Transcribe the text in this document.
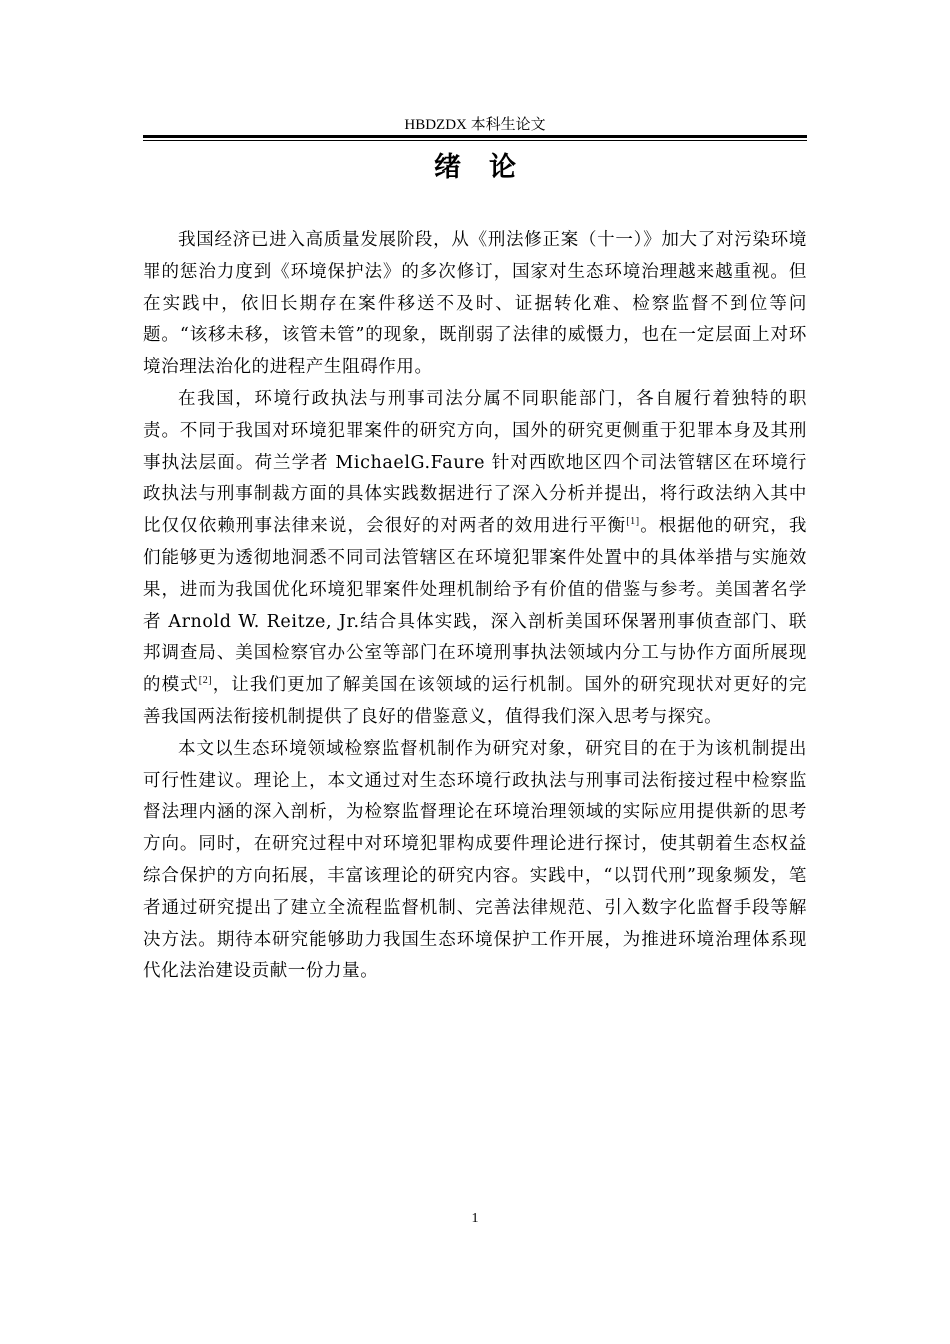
HBDZDX 本科生论文
绪论

我国经济已进入高质量发展阶段，从《刑法修正案（十一）》加大了对污染环境罪的惩治力度到《环境保护法》的多次修订，国家对生态环境治理越来越重视。但在实践中，依旧长期存在案件移送不及时、证据转化难、检察监督不到位等问题。“该移未移，该管未管”的现象，既削弱了法律的威慑力，也在一定层面上对环境治理法治化的进程产生阻碍作用。

在我国，环境行政执法与刑事司法分属不同职能部门，各自履行着独特的职责。不同于我国对环境犯罪案件的研究方向，国外的研究更侧重于犯罪本身及其刑事执法层面。荷兰学者 MichaelG.Faure 针对西欧地区四个司法管辖区在环境行政执法与刑事制裁方面的具体实践数据进行了深入分析并提出，将行政法纳入其中比仅仅依赖刑事法律来说，会很好的对两者的效用进行平衡[1]。根据他的研究，我们能够更为透彻地洞悉不同司法管辖区在环境犯罪案件处置中的具体举措与实施效果，进而为我国优化环境犯罪案件处理机制给予有价值的借鉴与参考。美国著名学者 Arnold W. Reitze, Jr.结合具体实践，深入剖析美国环保署刑事侦查部门、联邦调查局、美国检察官办公室等部门在环境刑事执法领域内分工与协作方面所展现的模式[2]，让我们更加了解美国在该领域的运行机制。国外的研究现状对更好的完善我国两法衔接机制提供了良好的借鉴意义，值得我们深入思考与探究。

本文以生态环境领域检察监督机制作为研究对象，研究目的在于为该机制提出可行性建议。理论上，本文通过对生态环境行政执法与刑事司法衔接过程中检察监督法理内涵的深入剖析，为检察监督理论在环境治理领域的实际应用提供新的思考方向。同时，在研究过程中对环境犯罪构成要件理论进行探讨，使其朝着生态权益综合保护的方向拓展，丰富该理论的研究内容。实践中，“以罚代刑”现象频发，笔者通过研究提出了建立全流程监督机制、完善法律规范、引入数字化监督手段等解决方法。期待本研究能够助力我国生态环境保护工作开展，为推进环境治理体系现代化法治建设贡献一份力量。

1
